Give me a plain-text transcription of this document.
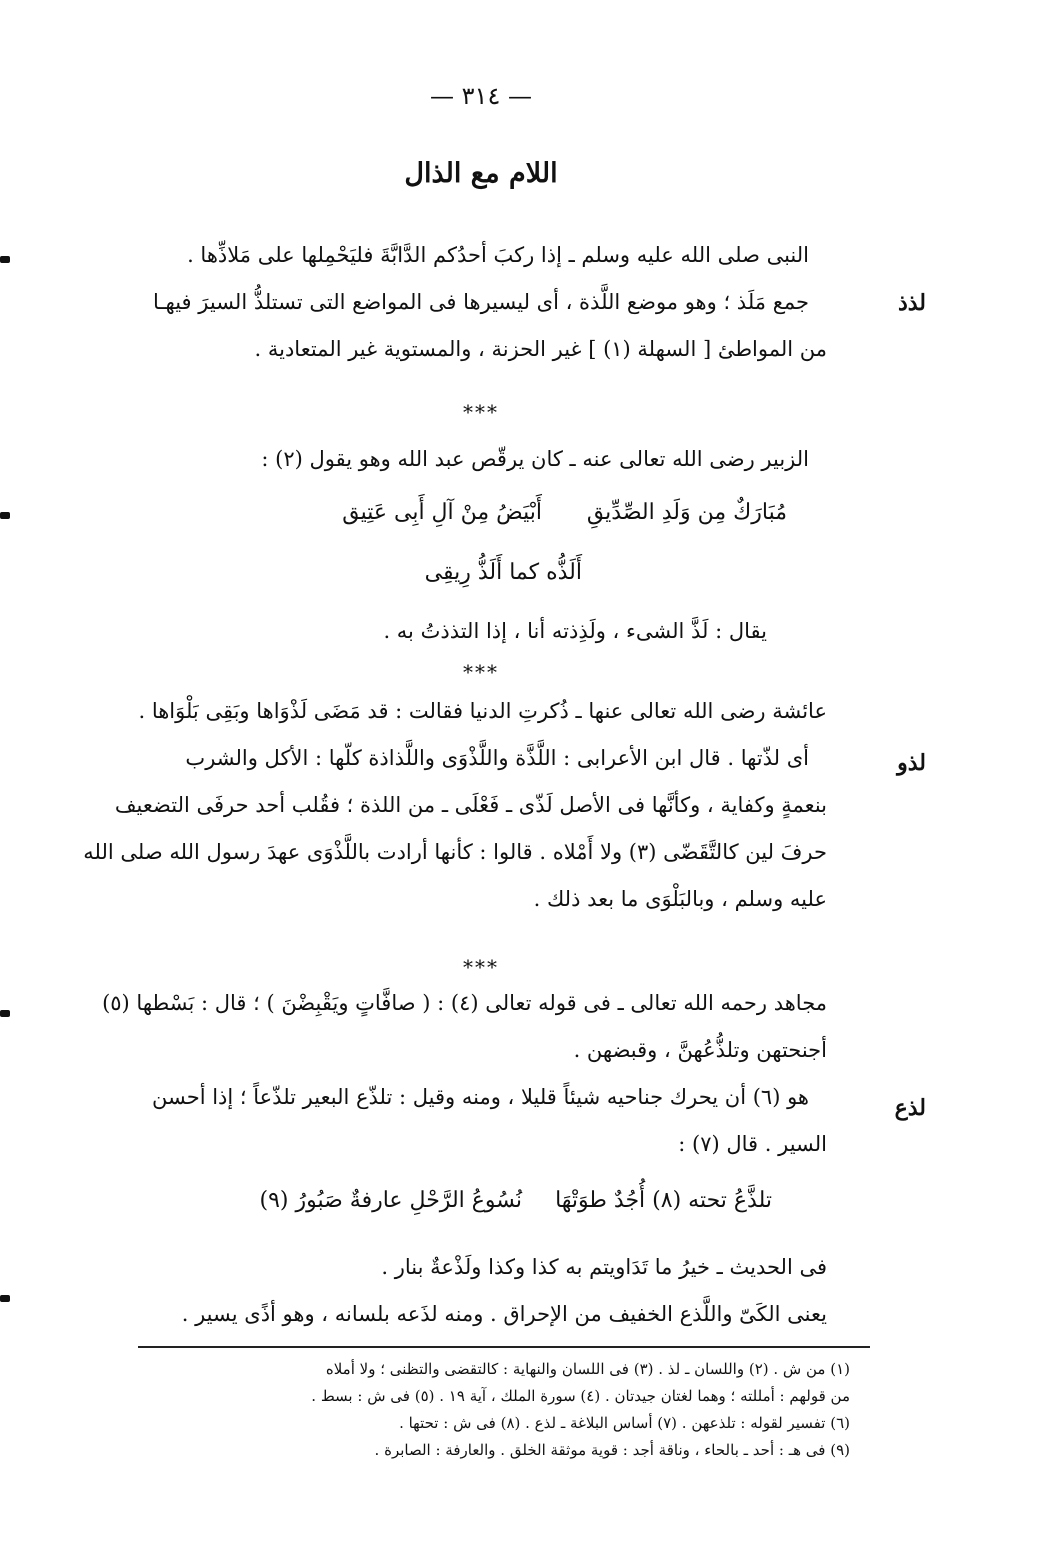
— ٣١٤ —
اللام مع الذال
لذذ
لذو
لذع
النبى صلى الله عليه وسلم ـ إذا ركبَ أحدُكم الدَّابَّةَ فليَحْمِلها على مَلاذِّها .
جمع مَلَذ ؛ وهو موضع اللَّذة ، أى ليسيرها فى المواضع التى تستلذُّ السيرَ فيهـا
من المواطئ [ السهلة (١) ] غير الحزنة ، والمستوية غير المتعادية .
***
الزبير رضى الله تعالى عنه ـ كان يرقّص عبد الله وهو يقول (٢) :
أَبْيَضُ مِنْ آلِ أَبِى عَتِيق مُبَارَكٌ مِن وَلَدِ الصِّدِّيقِ
أَلَذُّه كما أَلَذُّ رِيقِى
يقال : لَذَّ الشىء ، ولَذِذته أنا ، إذا التذذتُ به .
***
عائشة رضى الله تعالى عنها ـ ذُكرتِ الدنيا فقالت : قد مَضَى لَذْوَاها وبَقِى بَلْوَاها .
أى لذّتها . قال ابن الأعرابى : اللَّذَّة واللَّذْوَى واللَّذاذة كلّها : الأكل والشرب
بنعمةٍ وكفاية ، وكأنَّها فى الأصل لَذّى ـ فَعْلَى ـ من اللذة ؛ فقُلب أحد حرفَى التضعيف
حرفَ لين كالتَّقَضّى (٣) ولا أَمْلاه . قالوا : كأنها أرادت باللَّذْوَى عهدَ رسول الله صلى الله
عليه وسلم ، وبالبَلْوَى ما بعد ذلك .
***
مجاهد رحمه الله تعالى ـ فى قوله تعالى (٤) : ( صافَّاتٍ ويَقْبِضْنَ ) ؛ قال : بَسْطها (٥)
أجنحتهن وتلذُّعُهنَّ ، وقبضهن .
هو (٦) أن يحرك جناحيه شيئاً قليلا ، ومنه وقيل : تلذّع البعير تلذّعاً ؛ إذا أحسن
السير . قال (٧) :
تلذَّعُ تحته (٨) أُجُدٌ طوَتْهَا
نُسُوعُ الرَّحْلِ عارفةٌ صَبُورُ (٩)
فى الحديث ـ خيرُ ما تَدَاويتم به كذا وكذا ولَذْعةٌ بنار .
يعنى الكَىّ واللَّذع الخفيف من الإحراق . ومنه لذَعه بلسانه ، وهو أذًى يسير .
(١) من ش . (٢) واللسان ـ لذ . (٣) فى اللسان والنهاية : كالتقضى والتظنى ؛ ولا أملاه
من قولهم : أمللته ؛ وهما لغتان جيدتان . (٤) سورة الملك ، آية ١٩ . (٥) فى ش : بسط .
(٦) تفسير لقوله : تلذعهن . (٧) أساس البلاغة ـ لذع . (٨) فى ش : تحتها .
(٩) فى هـ : أحد ـ بالحاء ، وناقة أجد : قوية موثقة الخلق . والعارفة : الصابرة .
